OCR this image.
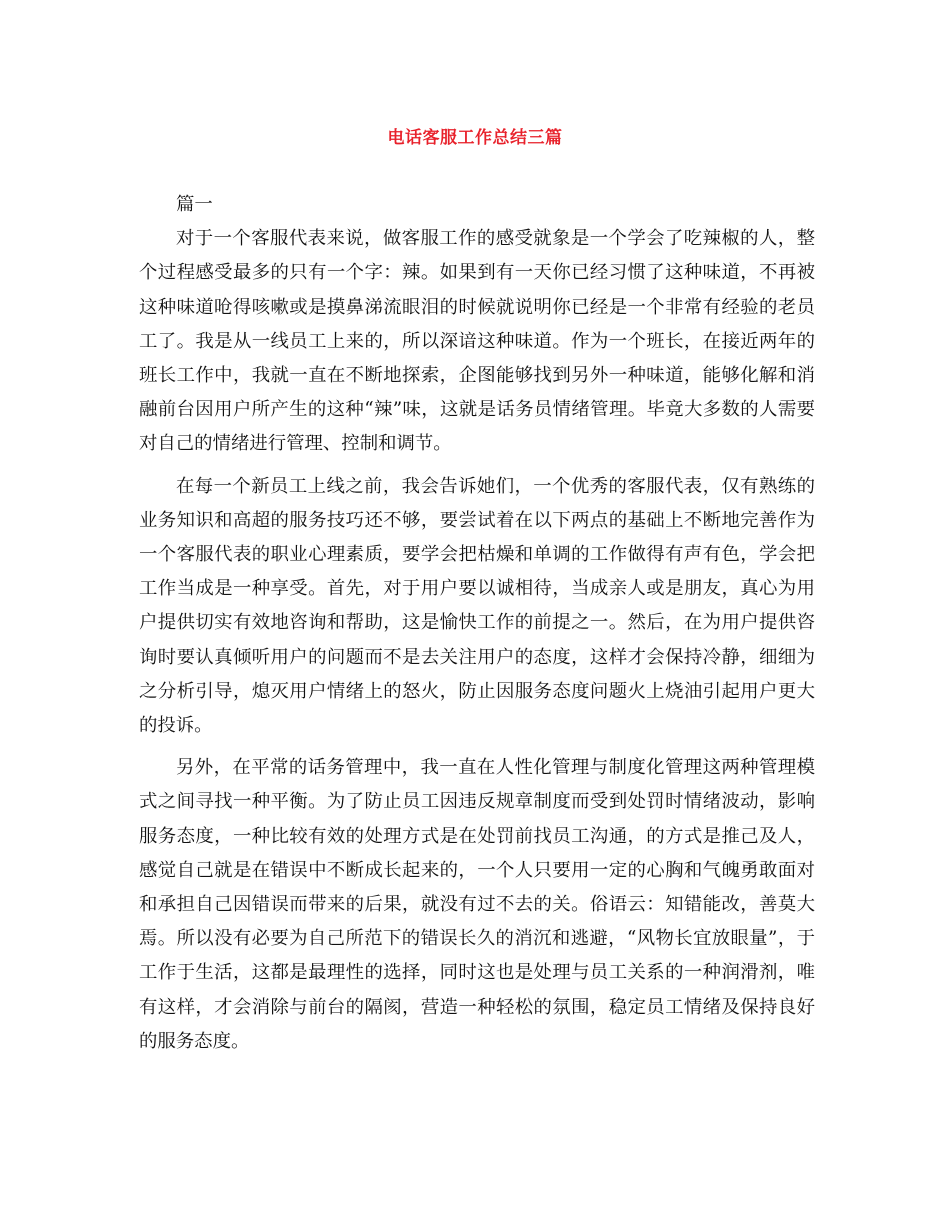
电话客服工作总结三篇

篇一

对于一个客服代表来说，做客服工作的感受就象是一个学会了吃辣椒的人，整个过程感受最多的只有一个字：辣。如果到有一天你已经习惯了这种味道，不再被这种味道呛得咳嗽或是摸鼻涕流眼泪的时候就说明你已经是一个非常有经验的老员工了。我是从一线员工上来的，所以深谙这种味道。作为一个班长，在接近两年的班长工作中，我就一直在不断地探索，企图能够找到另外一种味道，能够化解和消融前台因用户所产生的这种“辣”味，这就是话务员情绪管理。毕竟大多数的人需要对自己的情绪进行管理、控制和调节。

在每一个新员工上线之前，我会告诉她们，一个优秀的客服代表，仅有熟练的业务知识和高超的服务技巧还不够，要尝试着在以下两点的基础上不断地完善作为一个客服代表的职业心理素质，要学会把枯燥和单调的工作做得有声有色，学会把工作当成是一种享受。首先，对于用户要以诚相待，当成亲人或是朋友，真心为用户提供切实有效地咨询和帮助，这是愉快工作的前提之一。然后，在为用户提供咨询时要认真倾听用户的问题而不是去关注用户的态度，这样才会保持冷静，细细为之分析引导，熄灭用户情绪上的怒火，防止因服务态度问题火上烧油引起用户更大的投诉。

另外，在平常的话务管理中，我一直在人性化管理与制度化管理这两种管理模式之间寻找一种平衡。为了防止员工因违反规章制度而受到处罚时情绪波动，影响服务态度，一种比较有效的处理方式是在处罚前找员工沟通，的方式是推己及人，感觉自己就是在错误中不断成长起来的，一个人只要用一定的心胸和气魄勇敢面对和承担自己因错误而带来的后果，就没有过不去的关。俗语云：知错能改，善莫大焉。所以没有必要为自己所范下的错误长久的消沉和逃避，“风物长宜放眼量”，于工作于生活，这都是最理性的选择，同时这也是处理与员工关系的一种润滑剂，唯有这样，才会消除与前台的隔阂，营造一种轻松的氛围，稳定员工情绪及保持良好的服务态度。
